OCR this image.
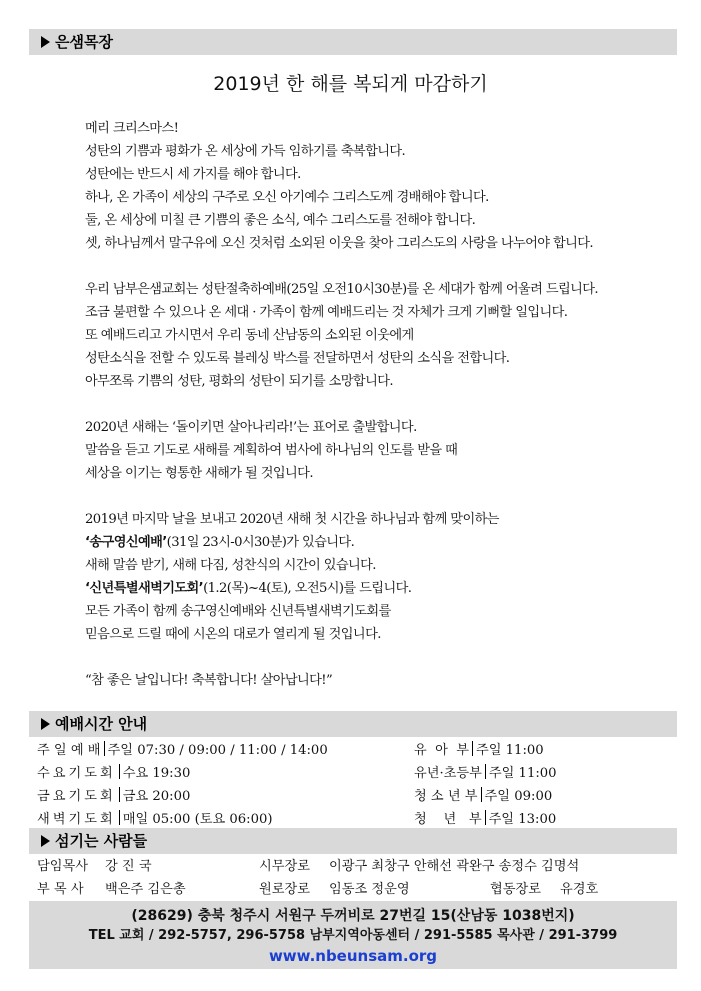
은샘목장
2019년 한 해를 복되게 마감하기
메리 크리스마스!
성탄의 기쁨과 평화가 온 세상에 가득 임하기를 축복합니다.
성탄에는 반드시 세 가지를 해야 합니다.
하나, 온 가족이 세상의 구주로 오신 아기예수 그리스도께 경배해야 합니다.
둘, 온 세상에 미칠 큰 기쁨의 좋은 소식, 예수 그리스도를 전해야 합니다.
셋, 하나님께서 말구유에 오신 것처럼 소외된 이웃을 찾아 그리스도의 사랑을 나누어야 합니다.
우리 남부은샘교회는 성탄절축하예배(25일 오전10시30분)를 온 세대가 함께 어울려 드립니다.
조금 불편할 수 있으나 온 세대 · 가족이 함께 예배드리는 것 자체가 크게 기뻐할 일입니다.
또 예배드리고 가시면서 우리 동네 산남동의 소외된 이웃에게
성탄소식을 전할 수 있도록 블레싱 박스를 전달하면서 성탄의 소식을 전합니다.
아무쪼록 기쁨의 성탄, 평화의 성탄이 되기를 소망합니다.
2020년 새해는 ‘돌이키면 살아나리라!’는 표어로 출발합니다.
말씀을 듣고 기도로 새해를 계획하여 범사에 하나님의 인도를 받을 때
세상을 이기는 형통한 새해가 될 것입니다.
2019년 마지막 날을 보내고 2020년 새해 첫 시간을 하나님과 함께 맞이하는
‘송구영신예배’(31일 23시-0시30분)가 있습니다.
새해 말씀 받기, 새해 다짐, 성찬식의 시간이 있습니다.
‘신년특별새벽기도회’(1.2(목)~4(토), 오전5시)를 드립니다.
모든 가족이 함께 송구영신예배와 신년특별새벽기도회를
믿음으로 드릴 때에 시온의 대로가 열리게 될 것입니다.
“참 좋은 날입니다! 축복합니다! 살아납니다!”
예배시간 안내
주 일 예 배 주일 07:30 / 09:00 / 11:00 / 14:00	유  아  부 주일 11:00
수요기도회 수요 19:30	유년·초등부 주일 11:00
금요기도회 금요 20:00	청 소 년 부 주일 09:00
새벽기도회 매일 05:00 (토요 06:00)	청    년   부 주일 13:00
섬기는 사람들
담임목사 강 진 국	시무장로 이광구 최창구 안해선 곽완구 송정수 김명석
부 목 사 백은주 김은총	원로장로 임동조 정운영	협동장로 유경호
(28629) 충북 청주시 서원구 두꺼비로 27번길 15(산남동 1038번지)
TEL 교회 / 292-5757, 296-5758 남부지역아동센터 / 291-5585 목사관 / 291-3799
www.nbeunsam.org
